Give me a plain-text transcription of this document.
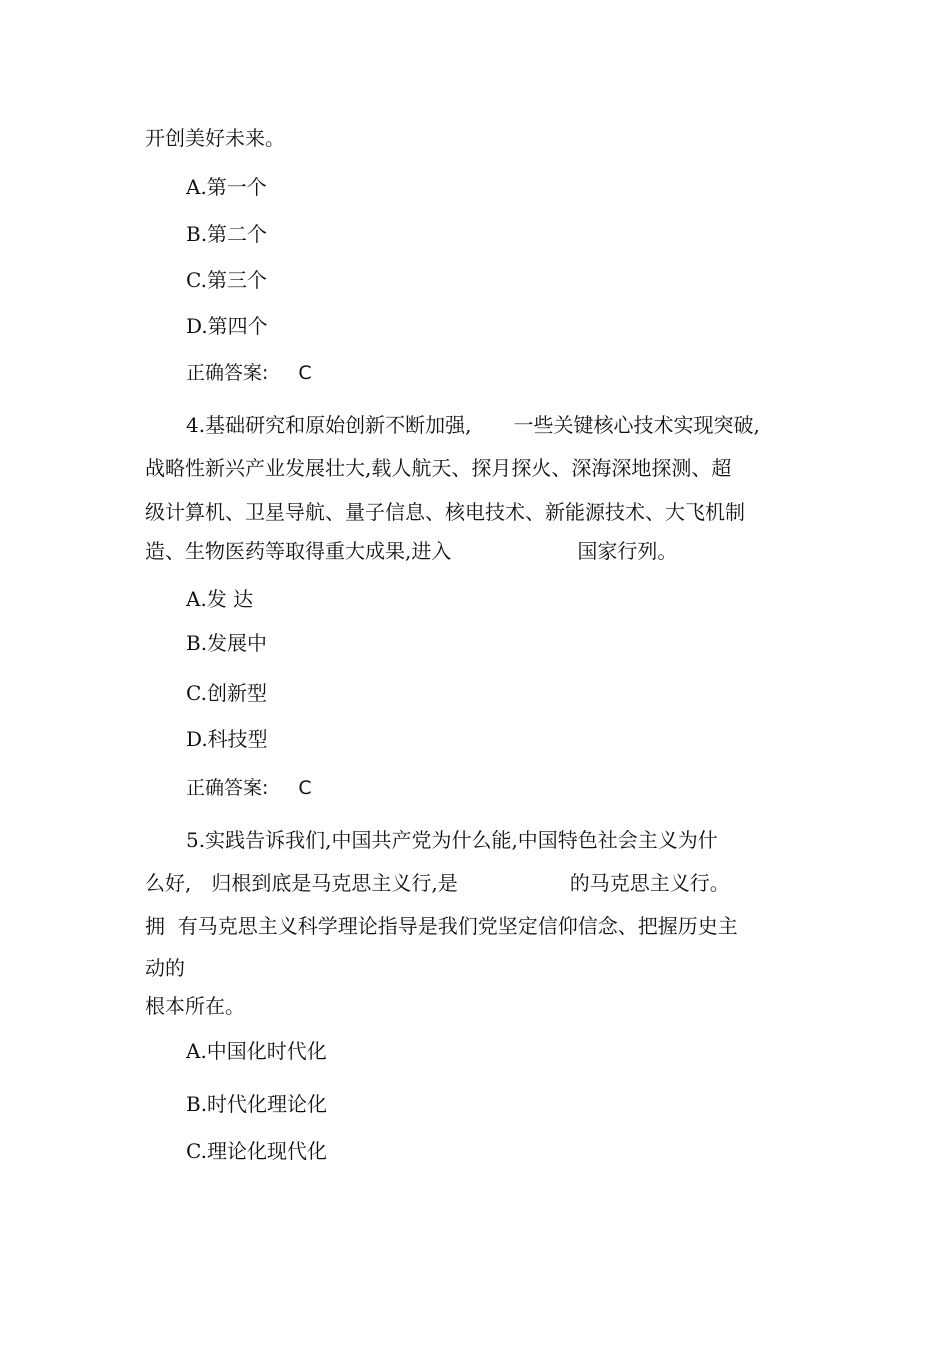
开创美好未来。
A.第一个
B.第二个
C.第三个
D.第四个
正确答案: C
4.基础研究和原始创新不断加强, 一些关键核心技术实现突破,
战略性新兴产业发展壮大,载人航天、探月探火、深海深地探测、超
级计算机、卫星导航、量子信息、核电技术、新能源技术、大飞机制
造、生物医药等取得重大成果,进入	国家行列。
A.发 达
B.发展中
C.创新型
D.科技型
正确答案: C
5.实践告诉我们,中国共产党为什么能,中国特色社会主义为什
么好, 归根到底是马克思主义行,是	的马克思主义行。
拥  有马克思主义科学理论指导是我们党坚定信仰信念、把握历史主
动的
根本所在。
A.中国化时代化
B.时代化理论化
C.理论化现代化
